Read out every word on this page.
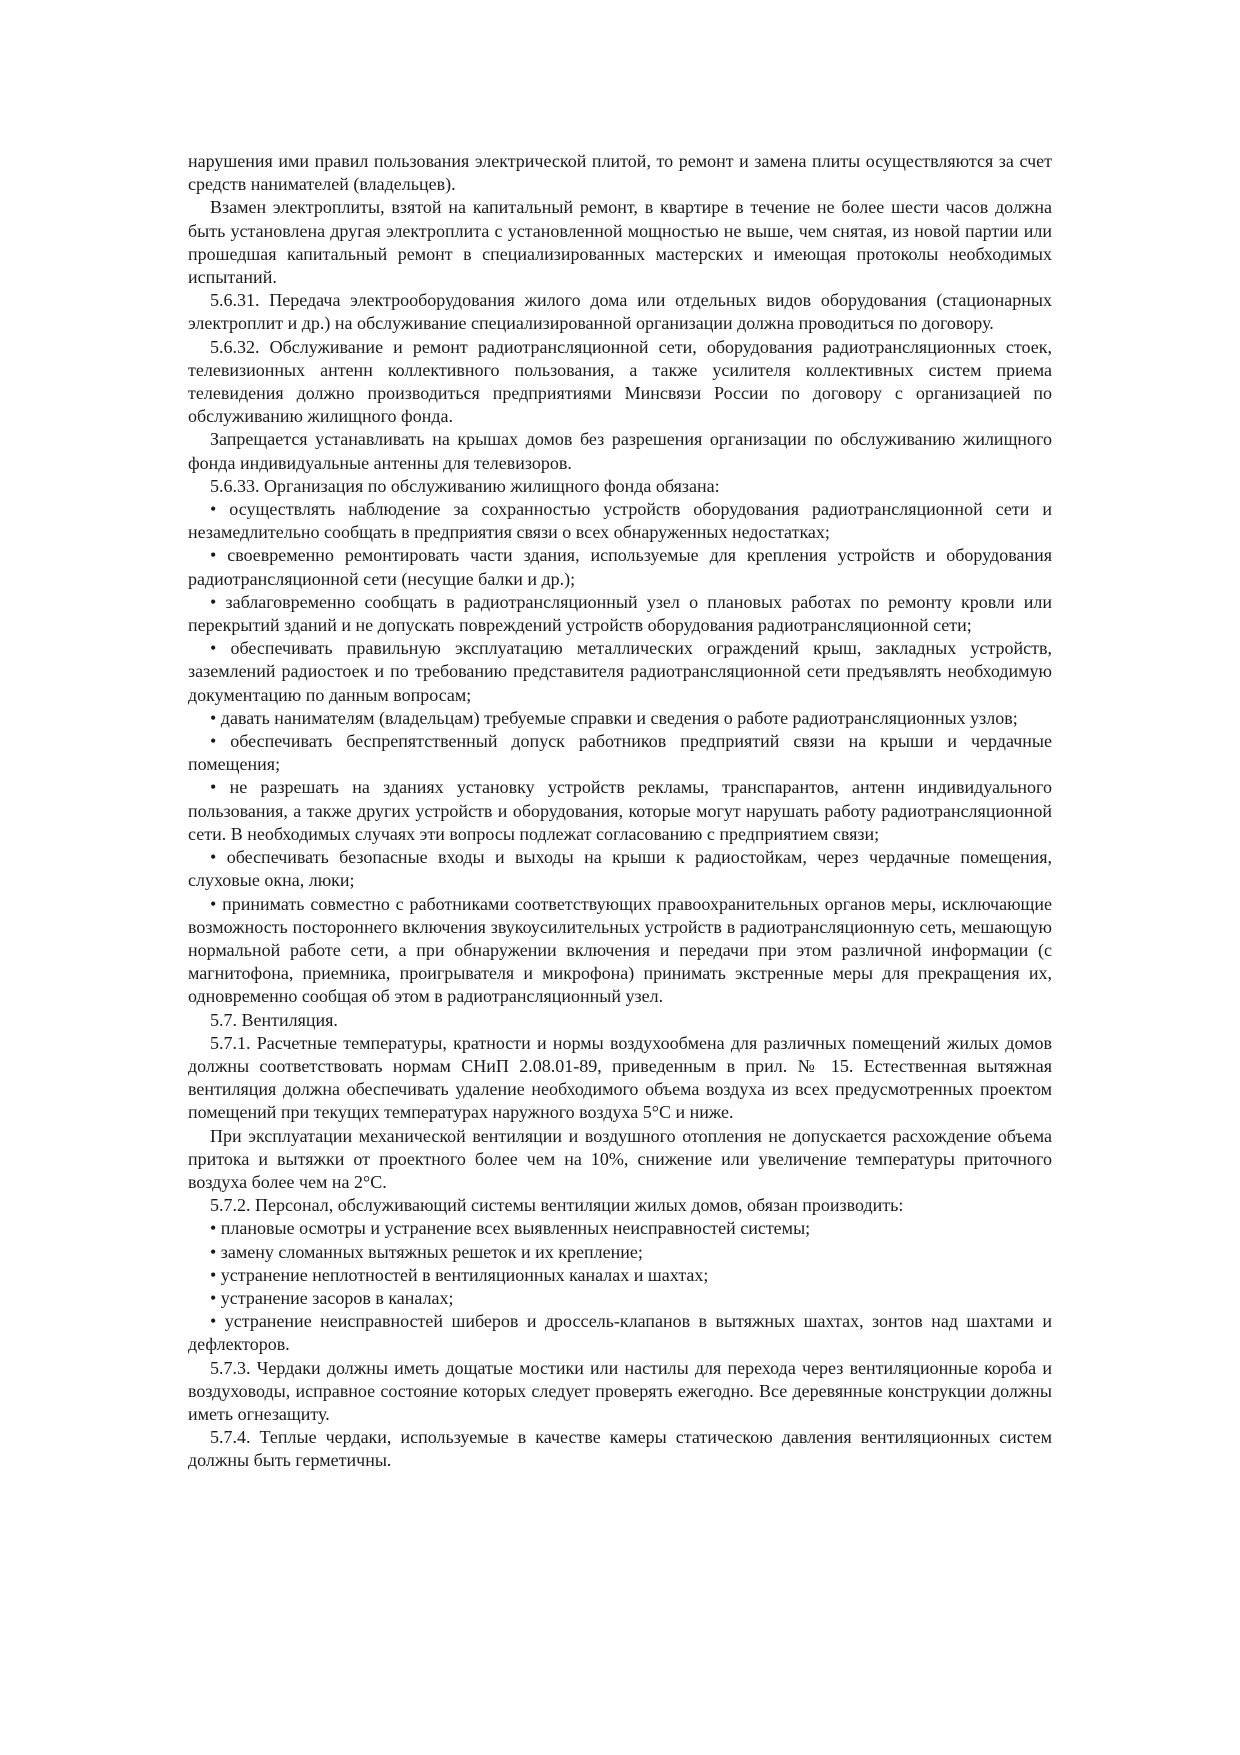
нарушения ими правил пользования электрической плитой, то ремонт и замена плиты осуществляются за счет средств нанимателей (владельцев).

Взамен электроплиты, взятой на капитальный ремонт, в квартире в течение не более шести часов должна быть установлена другая электроплита с установленной мощностью не выше, чем снятая, из новой партии или прошедшая капитальный ремонт в специализированных мастерских и имеющая протоколы необходимых испытаний.

5.6.31. Передача электрооборудования жилого дома или отдельных видов оборудования (стационарных электроплит и др.) на обслуживание специализированной организации должна проводиться по договору.

5.6.32. Обслуживание и ремонт радиотрансляционной сети, оборудования радиотрансляционных стоек, телевизионных антенн коллективного пользования, а также усилителя коллективных систем приема телевидения должно производиться предприятиями Минсвязи России по договору с организацией по обслуживанию жилищного фонда.

Запрещается устанавливать на крышах домов без разрешения организации по обслуживанию жилищного фонда индивидуальные антенны для телевизоров.

5.6.33. Организация по обслуживанию жилищного фонда обязана:

• осуществлять наблюдение за сохранностью устройств оборудования радиотрансляционной сети и незамедлительно сообщать в предприятия связи о всех обнаруженных недостатках;

• своевременно ремонтировать части здания, используемые для крепления устройств и оборудования радиотрансляционной сети (несущие балки и др.);

• заблаговременно сообщать в радиотрансляционный узел о плановых работах по ремонту кровли или перекрытий зданий и не допускать повреждений устройств оборудования радиотрансляционной сети;

• обеспечивать правильную эксплуатацию металлических ограждений крыш, закладных устройств, заземлений радиостоек и по требованию представителя радиотрансляционной сети предъявлять необходимую документацию по данным вопросам;

• давать нанимателям (владельцам) требуемые справки и сведения о работе радиотрансляционных узлов;

• обеспечивать беспрепятственный допуск работников предприятий связи на крыши и чердачные помещения;

• не разрешать на зданиях установку устройств рекламы, транспарантов, антенн индивидуального пользования, а также других устройств и оборудования, которые могут нарушать работу радиотрансляционной сети. В необходимых случаях эти вопросы подлежат согласованию с предприятием связи;

• обеспечивать безопасные входы и выходы на крыши к радиостойкам, через чердачные помещения, слуховые окна, люки;

• принимать совместно с работниками соответствующих правоохранительных органов меры, исключающие возможность постороннего включения звукоусилительных устройств в радиотрансляционную сеть, мешающую нормальной работе сети, а при обнаружении включения и передачи при этом различной информации (с магнитофона, приемника, проигрывателя и микрофона) принимать экстренные меры для прекращения их, одновременно сообщая об этом в радиотрансляционный узел.

5.7. Вентиляция.

5.7.1. Расчетные температуры, кратности и нормы воздухообмена для различных помещений жилых домов должны соответствовать нормам СНиП 2.08.01-89, приведенным в прил. № 15. Естественная вытяжная вентиляция должна обеспечивать удаление необходимого объема воздуха из всех предусмотренных проектом помещений при текущих температурах наружного воздуха 5°С и ниже.

При эксплуатации механической вентиляции и воздушного отопления не допускается расхождение объема притока и вытяжки от проектного более чем на 10%, снижение или увеличение температуры приточного воздуха более чем на 2°С.

5.7.2. Персонал, обслуживающий системы вентиляции жилых домов, обязан производить:

• плановые осмотры и устранение всех выявленных неисправностей системы;

• замену сломанных вытяжных решеток и их крепление;

• устранение неплотностей в вентиляционных каналах и шахтах;

• устранение засоров в каналах;

• устранение неисправностей шиберов и дроссель-клапанов в вытяжных шахтах, зонтов над шахтами и дефлекторов.

5.7.3. Чердаки должны иметь дощатые мостики или настилы для перехода через вентиляционные короба и воздуховоды, исправное состояние которых следует проверять ежегодно. Все деревянные конструкции должны иметь огнезащиту.

5.7.4. Теплые чердаки, используемые в качестве камеры статическою давления вентиляционных систем должны быть герметичны.
